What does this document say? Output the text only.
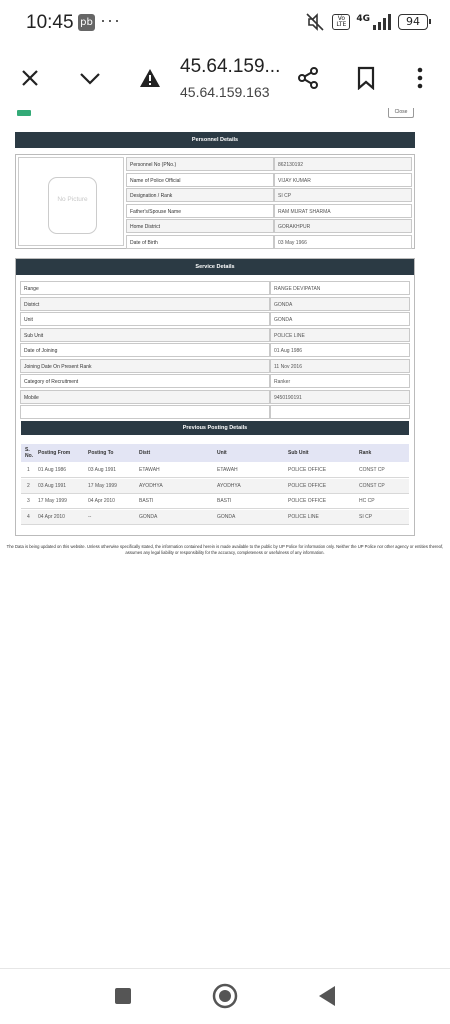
10:45 pb ···	Vo LTE
4G	94
45.64.159...
45.64.159.163
Close
Personnel Details
No Picture
Personnel No (PNo.)	862130192
Name of Police Official	VIJAY KUMAR
Designation / Rank	SI CP
Father's/Spouse Name	RAM MURAT SHARMA
Home District	GORAKHPUR
Date of Birth	03 May 1966
Service Details
Range	RANGE DEVIPATAN
District	GONDA
Unit	GONDA
Sub Unit	POLICE LINE
Date of Joining	01 Aug 1986
Joining Date On Present Rank	11 Nov 2016
Category of Recruitment	Ranker
Mobile	9450190191
Previous Posting Details
S. No. Posting From	Posting To	Distt	Unit	Sub Unit	Rank
1 01 Aug 1986	03 Aug 1991	ETAWAH	ETAWAH	POLICE OFFICE	CONST CP
2 03 Aug 1991	17 May 1999	AYODHYA	AYODHYA	POLICE OFFICE	CONST CP
3 17 May 1999	04 Apr 2010	BASTI	BASTI	POLICE OFFICE	HC CP
4 04 Apr 2010	--	GONDA	GONDA	POLICE LINE	SI CP
The Data is being updated on this website. Unless otherwise specifically stated, the information contained herein is made available to the public by UP Police for information only. Neither the UP Police nor other agency or entities thereof, assumes any legal liability or responsibility for the accuracy, completeness or usefulness of any information.
